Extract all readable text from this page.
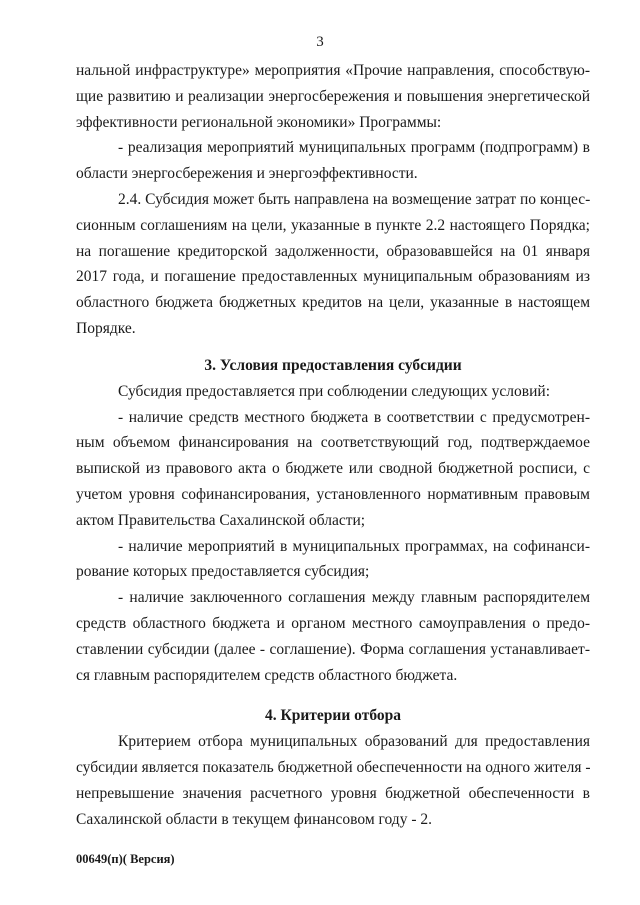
3
нальной инфраструктуре» мероприятия «Прочие направления, способствую-
щие развитию и реализации энергосбережения и повышения энергетической
эффективности региональной экономики» Программы:
- реализация мероприятий муниципальных программ (подпрограмм) в
области энергосбережения и энергоэффективности.
2.4. Субсидия может быть направлена на возмещение затрат по концес-
сионным соглашениям на цели, указанные в пункте 2.2 настоящего Порядка;
на погашение кредиторской задолженности, образовавшейся на 01 января
2017 года, и погашение предоставленных муниципальным образованиям из
областного бюджета бюджетных кредитов на цели, указанные в настоящем
Порядке.
3. Условия предоставления субсидии
Субсидия предоставляется при соблюдении следующих условий:
- наличие средств местного бюджета в соответствии с предусмотрен-
ным объемом финансирования на соответствующий год, подтверждаемое
выпиской из правового акта о бюджете или сводной бюджетной росписи, с
учетом уровня софинансирования, установленного нормативным правовым
актом Правительства Сахалинской области;
- наличие мероприятий в муниципальных программах, на софинанси-
рование которых предоставляется субсидия;
- наличие заключенного соглашения между главным распорядителем
средств областного бюджета и органом местного самоуправления о предо-
ставлении субсидии (далее - соглашение). Форма соглашения устанавливает-
ся главным распорядителем средств областного бюджета.
4. Критерии отбора
Критерием отбора муниципальных образований для предоставления
субсидии является показатель бюджетной обеспеченности на одного жителя -
непревышение значения расчетного уровня бюджетной обеспеченности в
Сахалинской области в текущем финансовом году - 2.
00649(п)( Версия)
